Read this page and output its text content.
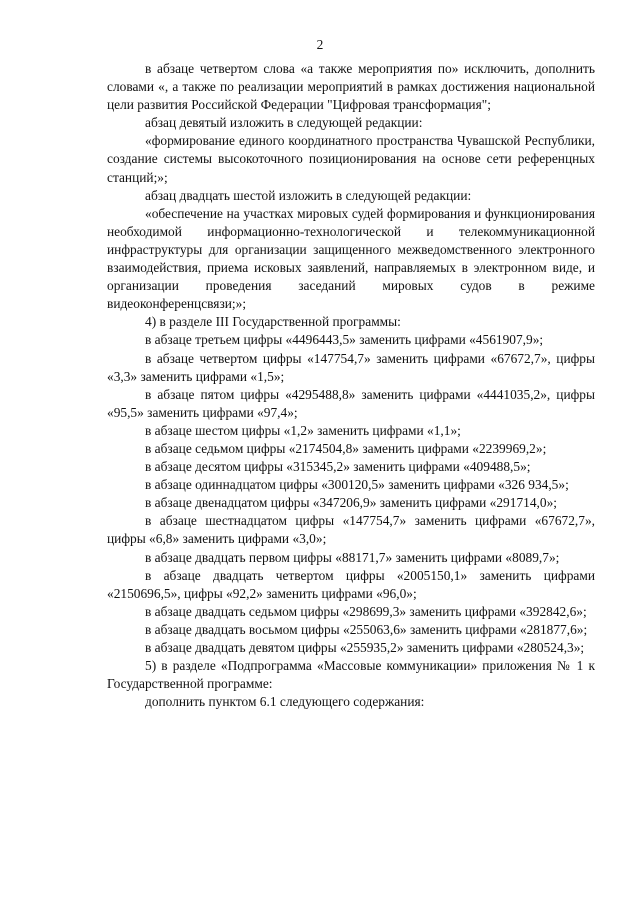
2

в абзаце четвертом слова «а также мероприятия по» исключить, дополнить словами «, а также по реализации мероприятий в рамках достижения национальной цели развития Российской Федерации "Цифровая трансформация";

абзац девятый изложить в следующей редакции:

«формирование единого координатного пространства Чувашской Республики, создание системы высокоточного позиционирования на основе сети референцных станций;»;

абзац двадцать шестой изложить в следующей редакции:

«обеспечение на участках мировых судей формирования и функционирования необходимой информационно-технологической и телекоммуникационной инфраструктуры для организации защищенного межведомственного электронного взаимодействия, приема исковых заявлений, направляемых в электронном виде, и организации проведения заседаний мировых судов в режиме видеоконференцсвязи;»;

4) в разделе III Государственной программы:

в абзаце третьем цифры «4496443,5» заменить цифрами «4561907,9»;

в абзаце четвертом цифры «147754,7» заменить цифрами «67672,7», цифры «3,3» заменить цифрами «1,5»;

в абзаце пятом цифры «4295488,8» заменить цифрами «4441035,2», цифры «95,5» заменить цифрами «97,4»;

в абзаце шестом цифры «1,2» заменить цифрами «1,1»;

в абзаце седьмом цифры «2174504,8» заменить цифрами «2239969,2»;

в абзаце десятом цифры «315345,2» заменить цифрами «409488,5»;

в абзаце одиннадцатом цифры «300120,5» заменить цифрами «326 934,5»;

в абзаце двенадцатом цифры «347206,9» заменить цифрами «291714,0»;

в абзаце шестнадцатом цифры «147754,7» заменить цифрами «67672,7», цифры «6,8» заменить цифрами «3,0»;

в абзаце двадцать первом цифры «88171,7» заменить цифрами «8089,7»;

в абзаце двадцать четвертом цифры «2005150,1» заменить цифрами «2150696,5», цифры «92,2» заменить цифрами «96,0»;

в абзаце двадцать седьмом цифры «298699,3» заменить цифрами «392842,6»;

в абзаце двадцать восьмом цифры «255063,6» заменить цифрами «281877,6»;

в абзаце двадцать девятом цифры «255935,2» заменить цифрами «280524,3»;

5) в разделе «Подпрограмма «Массовые коммуникации» приложения № 1 к Государственной программе:

дополнить пунктом 6.1 следующего содержания:
